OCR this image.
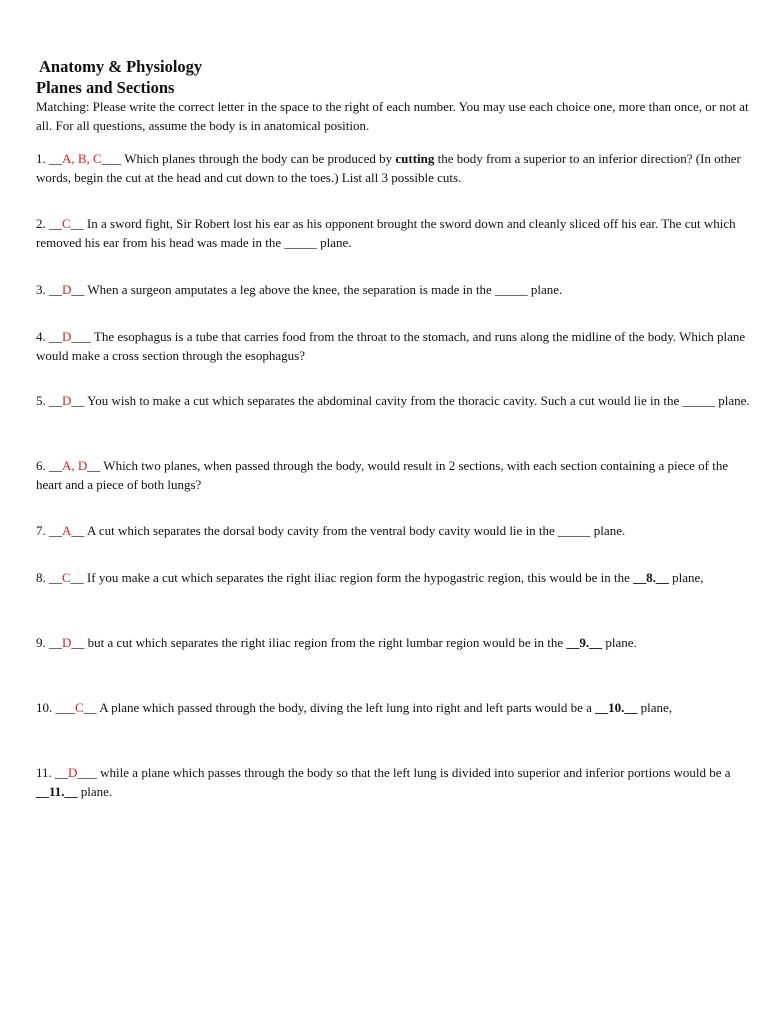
Anatomy & Physiology
Planes and Sections

Matching: Please write the correct letter in the space to the right of each number. You may use each choice one, more than once, or not at all. For all questions, assume the body is in anatomical position.

1. __A, B, C___ Which planes through the body can be produced by cutting the body from a superior to an inferior direction? (In other words, begin the cut at the head and cut down to the toes.) List all 3 possible cuts.

2. __C__ In a sword fight, Sir Robert lost his ear as his opponent brought the sword down and cleanly sliced off his ear. The cut which removed his ear from his head was made in the _____ plane.

3. __D__ When a surgeon amputates a leg above the knee, the separation is made in the _____ plane.

4. __D___ The esophagus is a tube that carries food from the throat to the stomach, and runs along the midline of the body. Which plane would make a cross section through the esophagus?

5. __D__ You wish to make a cut which separates the abdominal cavity from the thoracic cavity. Such a cut would lie in the _____ plane.

6. __A, D__ Which two planes, when passed through the body, would result in 2 sections, with each section containing a piece of the heart and a piece of both lungs?

7. __A__ A cut which separates the dorsal body cavity from the ventral body cavity would lie in the _____ plane.

8. __C__ If you make a cut which separates the right iliac region form the hypogastric region, this would be in the __8.__ plane,

9. __D__ but a cut which separates the right iliac region from the right lumbar region would be in the __9.__ plane.

10. ___C__ A plane which passed through the body, diving the left lung into right and left parts would be a __10.__ plane,

11. __D___ while a plane which passes through the body so that the left lung is divided into superior and inferior portions would be a __11.__ plane.
